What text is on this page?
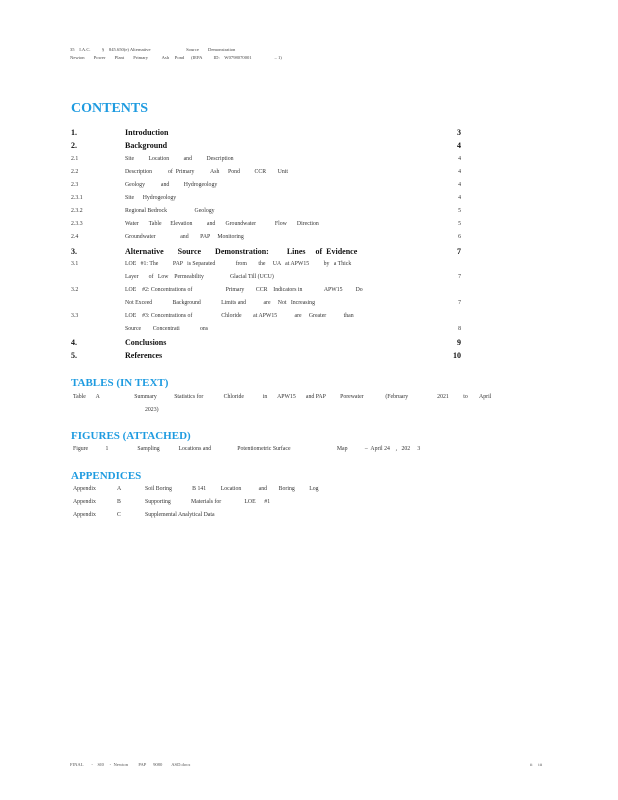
35    I.A.C.          §    845.650(e) Alternative                               Source        Demonstration
Newton        Power        Plant        Primary            Ash     Pond      (IEPA          ID:    W0798070001                    – 1)
CONTENTS
1.	Introduction	3
2.	Background	4
2.1	Site          Location          and          Description	4
2.2	Description           of  Primary           Ash      Pond          CCR        Unit	4
2.3	Geology           and          Hydrogeology	4
2.3.1	Site      Hydrogeology	4
2.3.2	Regional Bedrock                   Geology	5
2.3.3	Water       Table      Elevation          and       Groundwater             Flow       Direction	5
2.4	Groundwater                 and        PAP     Monitoring	6
3.	Alternative       Source       Demonstration:         Lines     of  Evidence	7
3.1	LOE   #1: The          PAP   is Separated              from        the     UA   at APW15          by   a Thick
Layer       of   Low    Permeability                  Glacial Till (UCU)	7
3.2	LOE    #2: Concentrations of                       Primary        CCR    Indicators in               APW15         Do
Not Exceed              Background              Limits and            are     Not   Increasing	7
3.3	LOE    #3: Concentrations of                    Chloride        at APW15            are     Greater            than
Source        Concentrati              ons	8
4.	Conclusions	9
5.	References	10
TABLES (IN TEXT)
Table       A                        Summary            Statistics for              Chloride             in       APW15       and PAP          Porewater               (February                    2021          to        April
2023)
FIGURES (ATTACHED)
Figure            1                    Sampling             Locations and                  Potentiometric Surface                                Map            –  April 24    ,   202     3
APPENDICES
Appendix	A	Soil Boring              B 141          Location            and        Boring          Log
Appendix	B	Supporting              Materials for                LOE      #1
Appendix	C	Supplemental Analytical Data
FINAL       -    SI0     -  Newton         PAP      9080        ASD.docx	ii     iii
